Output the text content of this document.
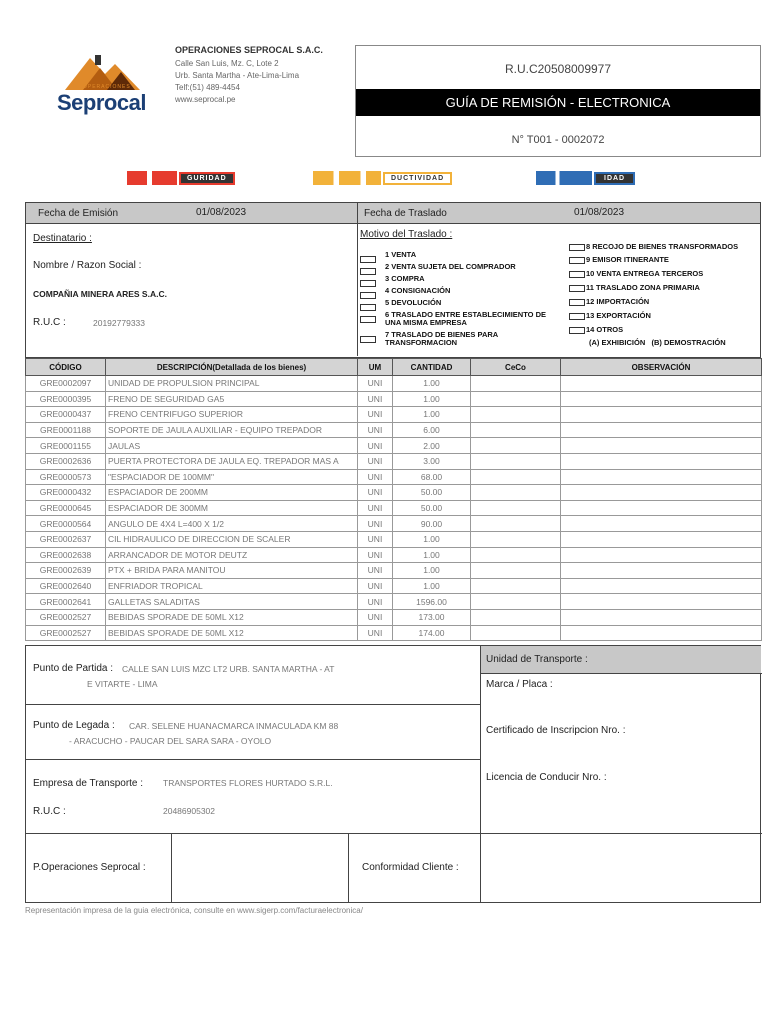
OPERACIONES
Seprocal
OPERACIONES SEPROCAL S.A.C.
Calle San Luis, Mz. C, Lote 2
Urb. Santa Martha - Ate-Lima-Lima
Telf:(51) 489-4454
www.seprocal.pe
R.U.C20508009977
GUÍA DE REMISIÓN - ELECTRONICA
N° T001 - 0002072
GURIDAD	DUCTIVIDAD	IDAD
Fecha de Emisión	01/08/2023	Fecha de Traslado	01/08/2023
Destinatario :
Nombre / Razon Social :
COMPAÑIA MINERA ARES S.A.C.
R.U.C :	20192779333
Motivo del Traslado :
1 VENTA
2 VENTA SUJETA DEL COMPRADOR
3 COMPRA
4 CONSIGNACIÓN
5 DEVOLUCIÓN
6 TRASLADO ENTRE ESTABLECIMIENTO DE UNA MISMA EMPRESA
7 TRASLADO DE BIENES PARA TRANSFORMACION
8 RECOJO DE BIENES TRANSFORMADOS
9 EMISOR ITINERANTE
10 VENTA ENTREGA TERCEROS
11 TRASLADO ZONA PRIMARIA
12 IMPORTACIÓN
13 EXPORTACIÓN
14 OTROS
(A) EXHIBICIÓN   (B) DEMOSTRACIÓN
CÓDIGO	DESCRIPCIÓN(Detallada de los bienes)	UM	CANTIDAD	CeCo	OBSERVACIÓN
GRE0002097	UNIDAD DE PROPULSION PRINCIPAL	UNI	1.00		
GRE0000395	FRENO DE SEGURIDAD GA5	UNI	1.00		
GRE0000437	FRENO CENTRIFUGO SUPERIOR	UNI	1.00		
GRE0001188	SOPORTE DE JAULA AUXILIAR - EQUIPO TREPADOR	UNI	6.00		
GRE0001155	JAULAS	UNI	2.00		
GRE0002636	PUERTA PROTECTORA DE JAULA EQ. TREPADOR MAS A	UNI	3.00		
GRE0000573	"ESPACIADOR DE 100MM"	UNI	68.00		
GRE0000432	ESPACIADOR DE 200MM	UNI	50.00		
GRE0000645	ESPACIADOR DE 300MM	UNI	50.00		
GRE0000564	ANGULO DE 4X4 L=400 X 1/2	UNI	90.00		
GRE0002637	CIL HIDRAULICO DE DIRECCION DE SCALER	UNI	1.00		
GRE0002638	ARRANCADOR DE MOTOR DEUTZ	UNI	1.00		
GRE0002639	PTX + BRIDA PARA MANITOU	UNI	1.00		
GRE0002640	ENFRIADOR TROPICAL	UNI	1.00		
GRE0002641	GALLETAS SALADITAS	UNI	1596.00		
GRE0002527	BEBIDAS SPORADE DE 50ML X12	UNI	173.00		
GRE0002527	BEBIDAS SPORADE DE 50ML X12	UNI	174.00		
Punto de Partida : CALLE SAN LUIS MZC LT2 URB. SANTA MARTHA - AT
E VITARTE - LIMA
Punto de Legada : CAR. SELENE HUANACMARCA INMACULADA KM 88
- ARACUCHO - PAUCAR DEL SARA SARA - OYOLO
Empresa de Transporte : TRANSPORTES FLORES HURTADO S.R.L.
R.U.C :	20486905302
Unidad de Transporte :
Marca / Placa :
Certificado de Inscripcion Nro. :
Licencia de Conducir Nro. :
P.Operaciones Seprocal :	Conformidad Cliente :
Representación impresa de la guia electrónica, consulte en www.sigerp.com/facturaelectronica/
